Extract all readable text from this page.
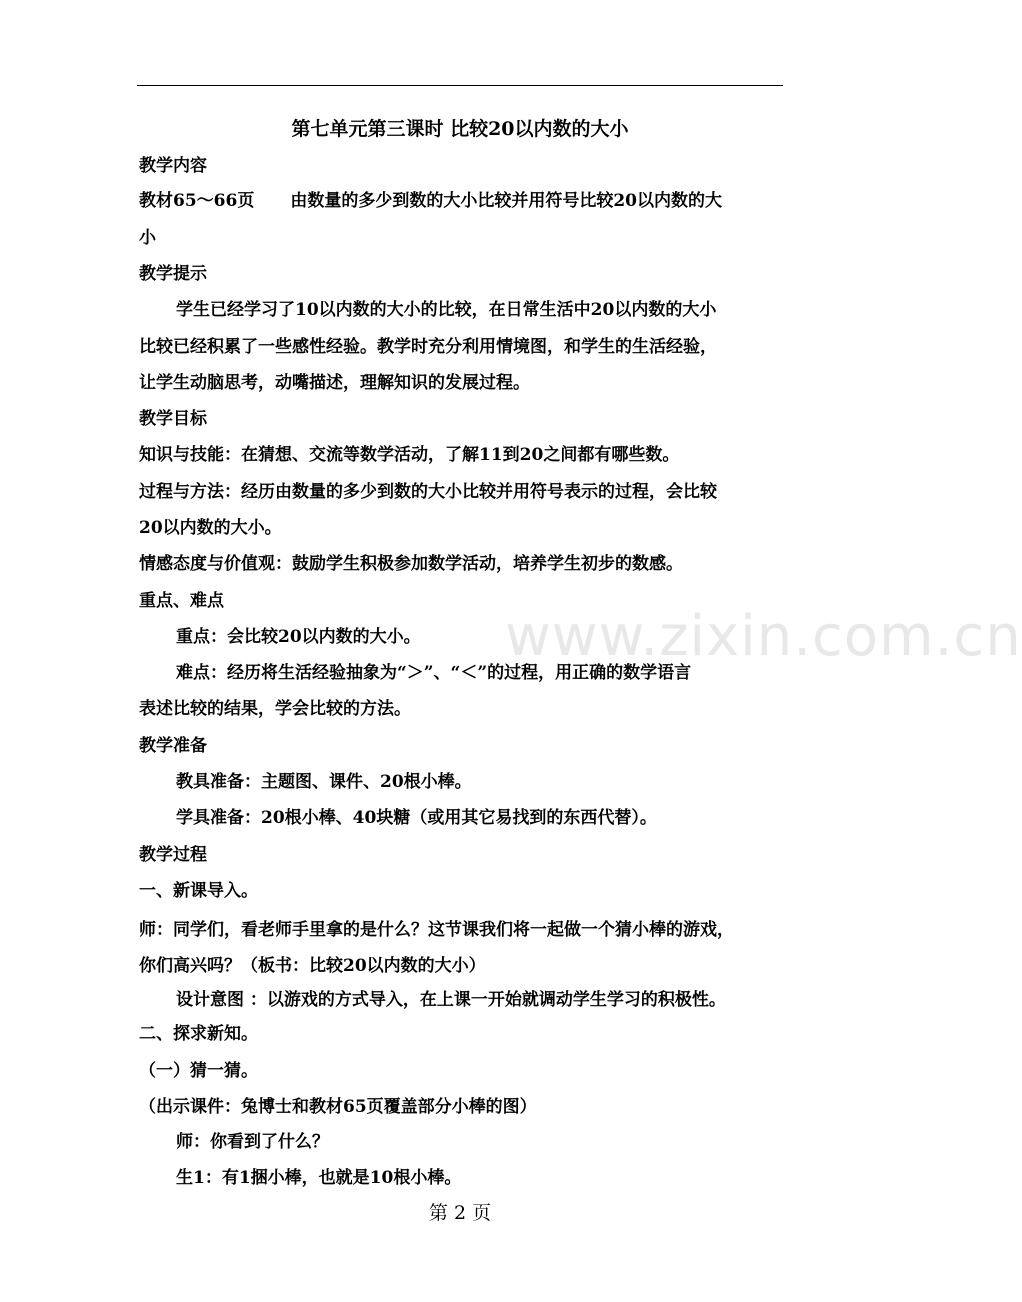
第七单元第三课时 比较20以内数的大小
教学内容
教材65～66页 由数量的多少到数的大小比较并用符号比较20以内数的大
小
教学提示
学生已经学习了10以内数的大小的比较，在日常生活中20以内数的大小
比较已经积累了一些感性经验。教学时充分利用情境图，和学生的生活经验，
让学生动脑思考，动嘴描述，理解知识的发展过程。
教学目标
知识与技能：在猜想、交流等数学活动，了解11到20之间都有哪些数。
过程与方法：经历由数量的多少到数的大小比较并用符号表示的过程，会比较
20以内数的大小。
情感态度与价值观：鼓励学生积极参加数学活动，培养学生初步的数感。
重点、难点
重点：会比较20以内数的大小。
难点：经历将生活经验抽象为“＞”、“＜”的过程，用正确的数学语言
表述比较的结果，学会比较的方法。
教学准备
教具准备：主题图、课件、20根小棒。
学具准备：20根小棒、40块糖（或用其它易找到的东西代替）。
教学过程
一、新课导入。
师：同学们，看老师手里拿的是什么？这节课我们将一起做一个猜小棒的游戏，
你们高兴吗？（板书：比较20以内数的大小）
设计意图 ：以游戏的方式导入，在上课一开始就调动学生学习的积极性。
二、探求新知。
（一）猜一猜。
（出示课件：兔博士和教材65页覆盖部分小棒的图）
师：你看到了什么？
生1：有1捆小棒，也就是10根小棒。
www.zixin.com.cn
第 2 页
